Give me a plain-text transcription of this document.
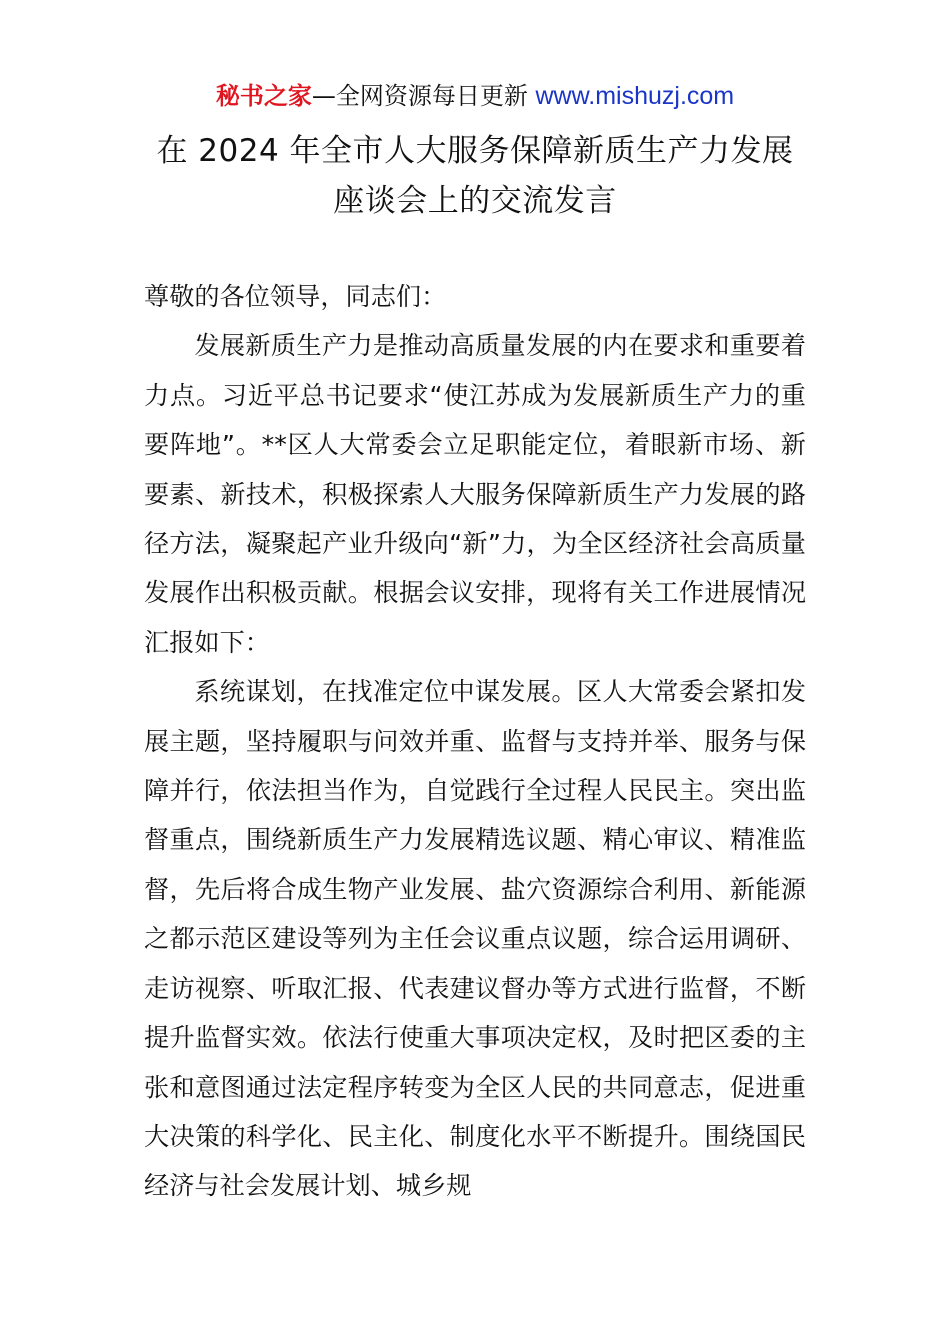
秘书之家—全网资源每日更新 www.mishuzj.com
在 2024 年全市人大服务保障新质生产力发展
座谈会上的交流发言

尊敬的各位领导，同志们：

发展新质生产力是推动高质量发展的内在要求和重要着力点。习近平总书记要求“使江苏成为发展新质生产力的重要阵地”。**区人大常委会立足职能定位，着眼新市场、新要素、新技术，积极探索人大服务保障新质生产力发展的路径方法，凝聚起产业升级向“新”力，为全区经济社会高质量发展作出积极贡献。根据会议安排，现将有关工作进展情况汇报如下：

系统谋划，在找准定位中谋发展。区人大常委会紧扣发展主题，坚持履职与问效并重、监督与支持并举、服务与保障并行，依法担当作为，自觉践行全过程人民民主。突出监督重点，围绕新质生产力发展精选议题、精心审议、精准监督，先后将合成生物产业发展、盐穴资源综合利用、新能源之都示范区建设等列为主任会议重点议题，综合运用调研、走访视察、听取汇报、代表建议督办等方式进行监督，不断提升监督实效。依法行使重大事项决定权，及时把区委的主张和意图通过法定程序转变为全区人民的共同意志，促进重大决策的科学化、民主化、制度化水平不断提升。围绕国民经济与社会发展计划、城乡规
